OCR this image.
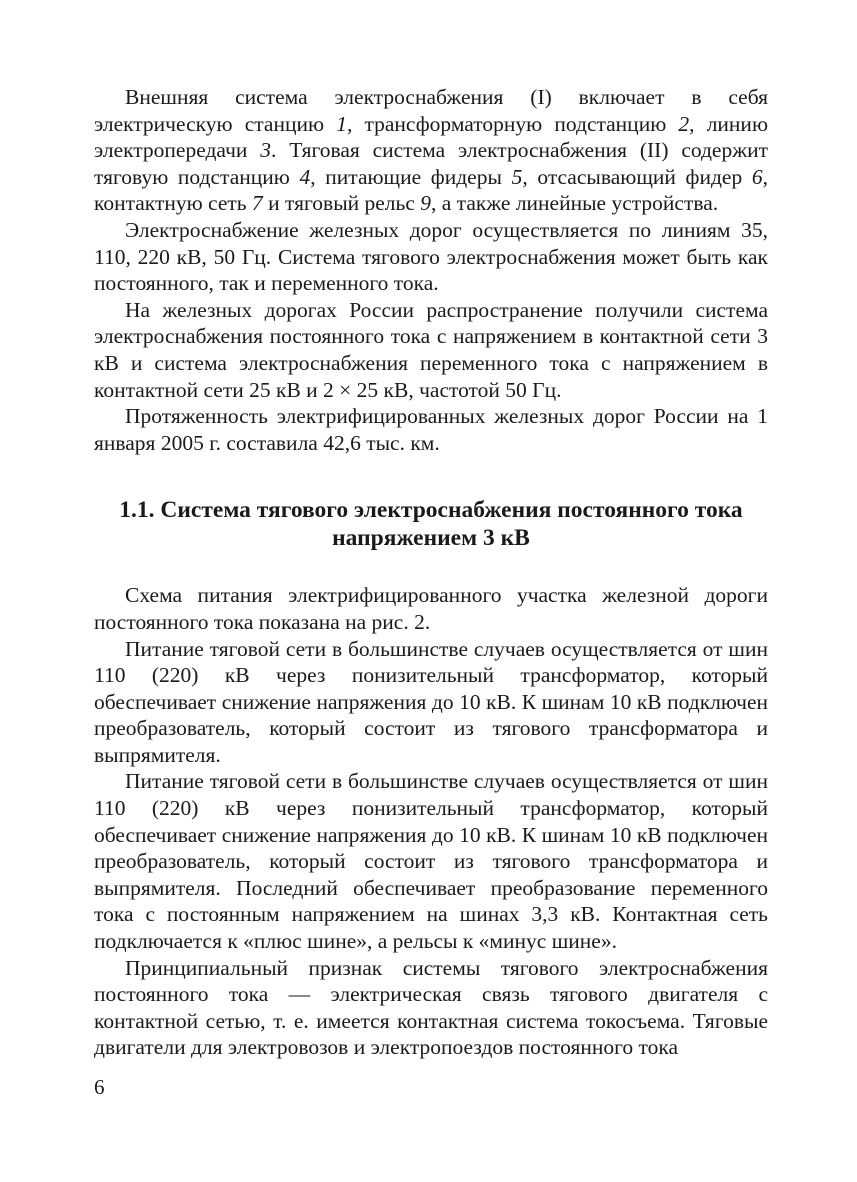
Внешняя система электроснабжения (I) включает в себя электрическую станцию 1, трансформаторную подстанцию 2, линию электропередачи 3. Тяговая система электроснабжения (II) содержит тяговую подстанцию 4, питающие фидеры 5, отсасывающий фидер 6, контактную сеть 7 и тяговый рельс 9, а также линейные устройства.

Электроснабжение железных дорог осуществляется по линиям 35, 110, 220 кВ, 50 Гц. Система тягового электроснабжения может быть как постоянного, так и переменного тока.

На железных дорогах России распространение получили система электроснабжения постоянного тока с напряжением в контактной сети 3 кВ и система электроснабжения переменного тока с напряжением в контактной сети 25 кВ и 2 × 25 кВ, частотой 50 Гц.

Протяженность электрифицированных железных дорог России на 1 января 2005 г. составила 42,6 тыс. км.

1.1. Система тягового электроснабжения постоянного тока
напряжением 3 кВ

Схема питания электрифицированного участка железной дороги постоянного тока показана на рис. 2.

Питание тяговой сети в большинстве случаев осуществляется от шин 110 (220) кВ через понизительный трансформатор, который обеспечивает снижение напряжения до 10 кВ. К шинам 10 кВ подключен преобразователь, который состоит из тягового трансформатора и выпрямителя.

Питание тяговой сети в большинстве случаев осуществляется от шин 110 (220) кВ через понизительный трансформатор, который обеспечивает снижение напряжения до 10 кВ. К шинам 10 кВ подключен преобразователь, который состоит из тягового трансформатора и выпрямителя. Последний обеспечивает преобразование переменного тока с постоянным напряжением на шинах 3,3 кВ. Контактная сеть подключается к «плюс шине», а рельсы к «минус шине».

Принципиальный признак системы тягового электроснабжения постоянного тока — электрическая связь тягового двигателя с контактной сетью, т. е. имеется контактная система токосъема. Тяговые двигатели для электровозов и электропоездов постоянного тока

6
